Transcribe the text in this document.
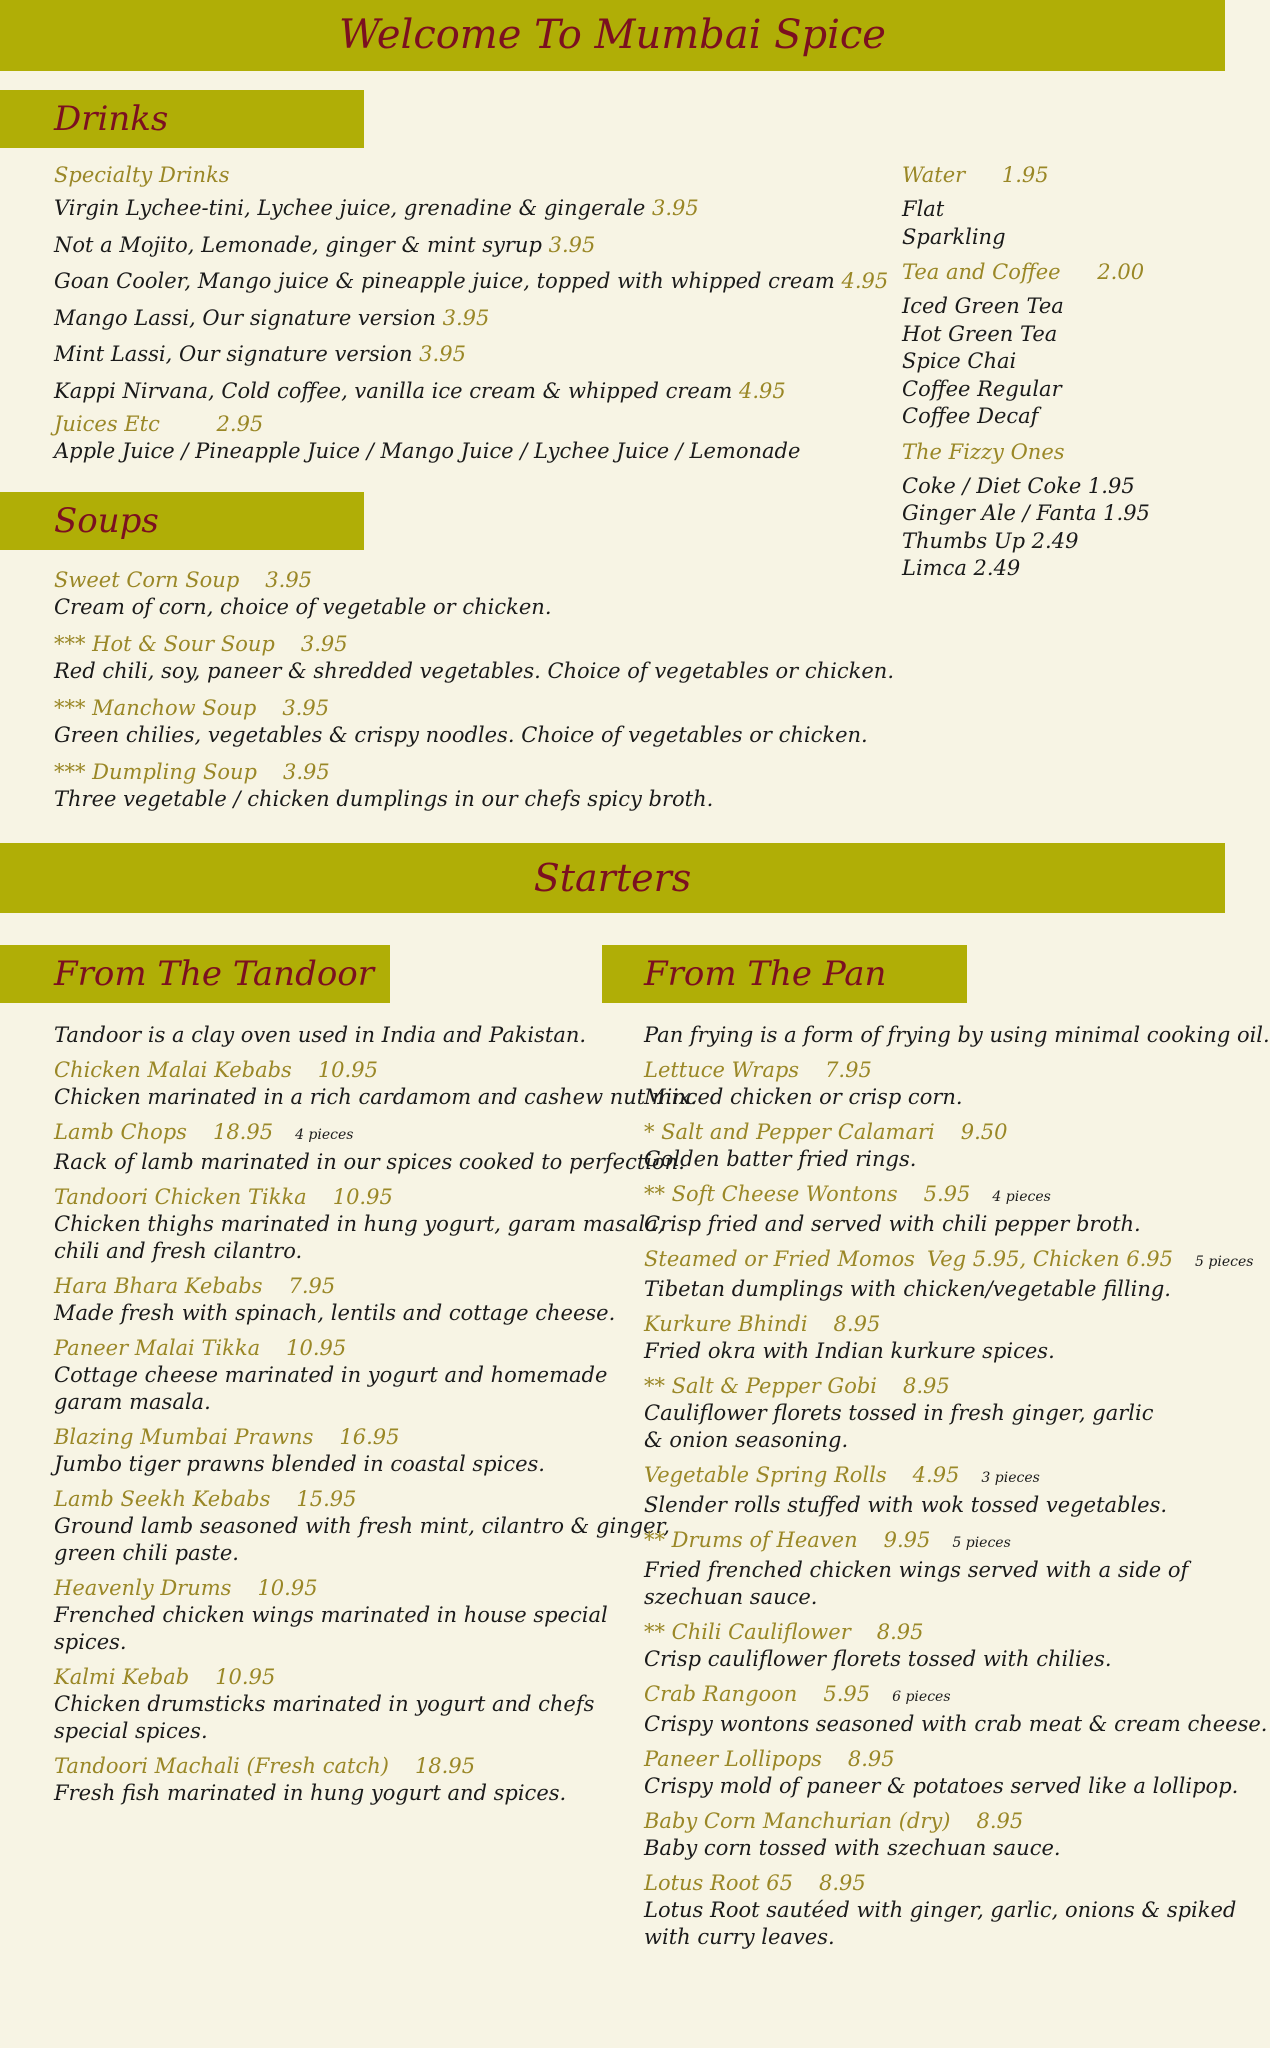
Welcome To Mumbai Spice
Drinks
Specialty Drinks
Virgin Lychee-tini, Lychee juice, grenadine & gingerale 3.95
Not a Mojito, Lemonade, ginger & mint syrup 3.95
Goan Cooler, Mango juice & pineapple juice, topped with whipped cream 4.95
Mango Lassi, Our signature version 3.95
Mint Lassi, Our signature version 3.95
Kappi Nirvana, Cold coffee, vanilla ice cream & whipped cream 4.95
Juices Etc	2.95
Apple Juice / Pineapple Juice / Mango Juice / Lychee Juice / Lemonade
Water 1.95
Flat
Sparkling
Tea and Coffee 2.00
Iced Green Tea
Hot Green Tea
Spice Chai
Coffee Regular
Coffee Decaf
The Fizzy Ones
Coke / Diet Coke 1.95
Ginger Ale / Fanta 1.95
Thumbs Up 2.49
Limca 2.49
Soups
Sweet Corn Soup 3.95
Cream of corn, choice of vegetable or chicken.
*** Hot & Sour Soup 3.95
Red chili, soy, paneer & shredded vegetables. Choice of vegetables or chicken.
*** Manchow Soup 3.95
Green chilies, vegetables & crispy noodles. Choice of vegetables or chicken.
*** Dumpling Soup 3.95
Three vegetable / chicken dumplings in our chefs spicy broth.
Starters
From The Tandoor	From The Pan
Tandoor is a clay oven used in India and Pakistan.
Chicken Malai Kebabs 10.95
Chicken marinated in a rich cardamom and cashew nut mix.
Lamb Chops 18.95 4 pieces
Rack of lamb marinated in our spices cooked to perfection.
Tandoori Chicken Tikka 10.95
Chicken thighs marinated in hung yogurt, garam masala,
chili and fresh cilantro.
Hara Bhara Kebabs 7.95
Made fresh with spinach, lentils and cottage cheese.
Paneer Malai Tikka 10.95
Cottage cheese marinated in yogurt and homemade
garam masala.
Blazing Mumbai Prawns 16.95
Jumbo tiger prawns blended in coastal spices.
Lamb Seekh Kebabs 15.95
Ground lamb seasoned with fresh mint, cilantro & ginger,
green chili paste.
Heavenly Drums 10.95
Frenched chicken wings marinated in house special
spices.
Kalmi Kebab 10.95
Chicken drumsticks marinated in yogurt and chefs
special spices.
Tandoori Machali (Fresh catch) 18.95
Fresh fish marinated in hung yogurt and spices.
Pan frying is a form of frying by using minimal cooking oil.
Lettuce Wraps 7.95
Minced chicken or crisp corn.
* Salt and Pepper Calamari 9.50
Golden batter fried rings.
** Soft Cheese Wontons 5.95 4 pieces
Crisp fried and served with chili pepper broth.
Steamed or Fried Momos Veg 5.95, Chicken 6.95 5 pieces
Tibetan dumplings with chicken/vegetable filling.
Kurkure Bhindi 8.95
Fried okra with Indian kurkure spices.
** Salt & Pepper Gobi 8.95
Cauliflower florets tossed in fresh ginger, garlic
& onion seasoning.
Vegetable Spring Rolls 4.95 3 pieces
Slender rolls stuffed with wok tossed vegetables.
** Drums of Heaven 9.95 5 pieces
Fried frenched chicken wings served with a side of
szechuan sauce.
** Chili Cauliflower 8.95
Crisp cauliflower florets tossed with chilies.
Crab Rangoon 5.95 6 pieces
Crispy wontons seasoned with crab meat & cream cheese.
Paneer Lollipops 8.95
Crispy mold of paneer & potatoes served like a lollipop.
Baby Corn Manchurian (dry) 8.95
Baby corn tossed with szechuan sauce.
Lotus Root 65 8.95
Lotus Root sautéed with ginger, garlic, onions & spiked
with curry leaves.
